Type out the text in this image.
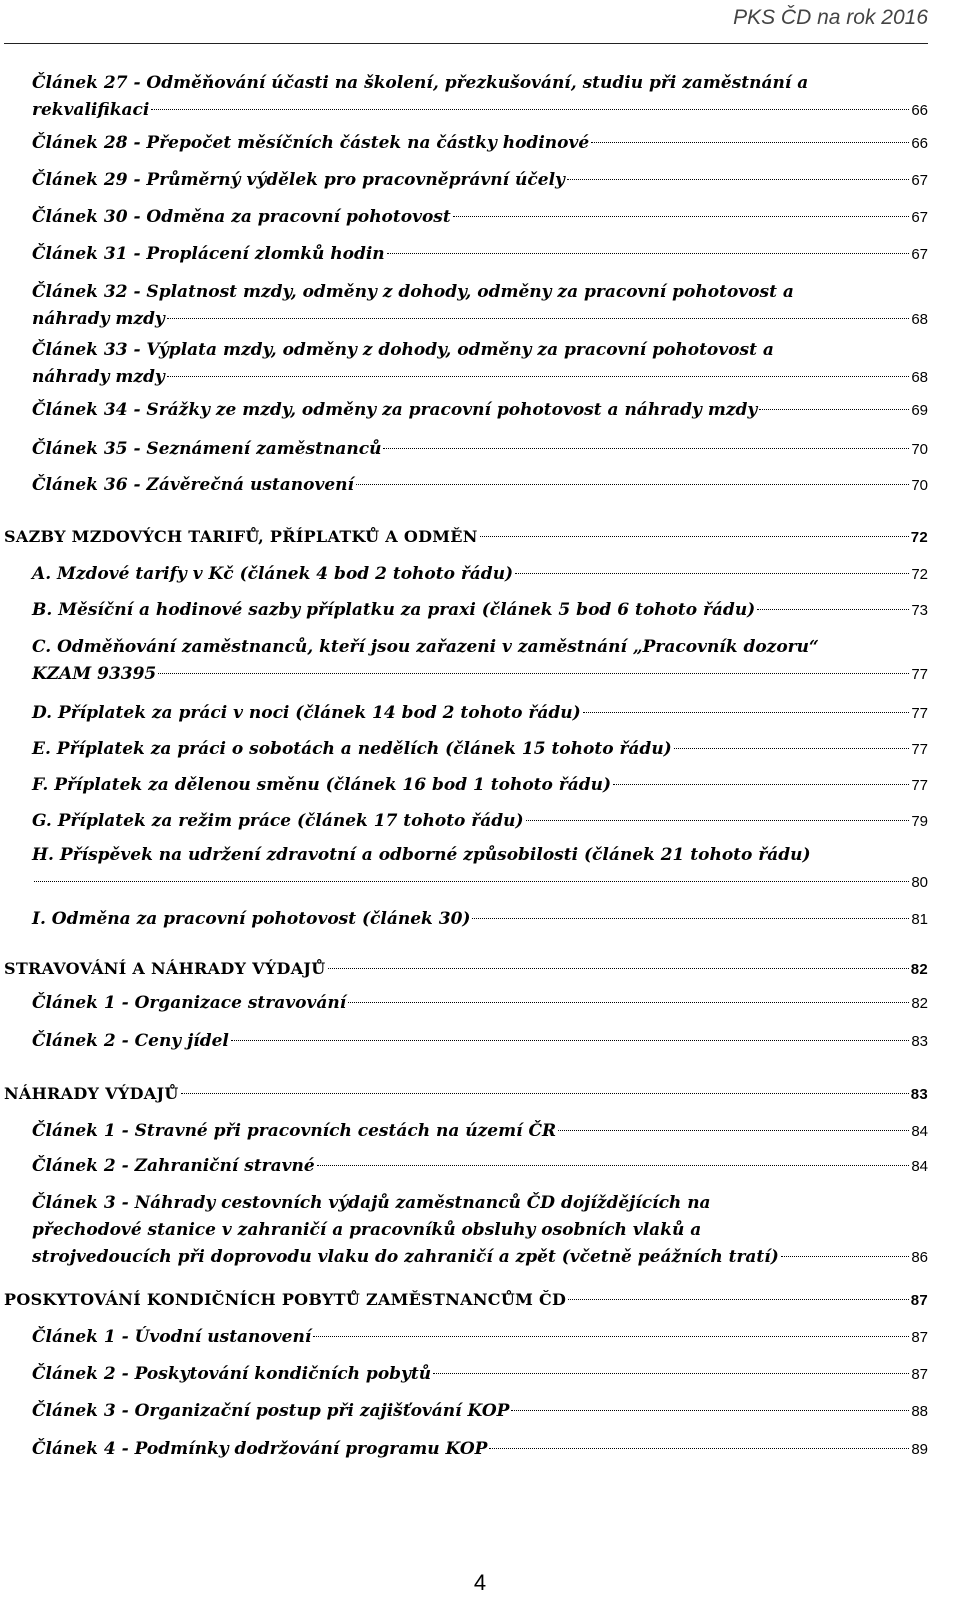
PKS ČD na rok 2016
Článek 27 - Odměňování účasti na školení, přezkušování, studiu při zaměstnání a
rekvalifikaci	66
Článek 28 - Přepočet měsíčních částek na částky hodinové	66
Článek 29 - Průměrný výdělek pro pracovněprávní účely	67
Článek 30 - Odměna za pracovní pohotovost	67
Článek 31 - Proplácení zlomků hodin	67
Článek 32 - Splatnost mzdy, odměny z dohody, odměny za pracovní pohotovost a
náhrady mzdy	68
Článek 33 - Výplata mzdy, odměny z dohody, odměny za pracovní pohotovost a
náhrady mzdy	68
Článek 34 - Srážky ze mzdy, odměny za pracovní pohotovost a náhrady mzdy	69
Článek 35 - Seznámení zaměstnanců	70
Článek 36 - Závěrečná ustanovení	70
SAZBY MZDOVÝCH TARIFŮ, PŘÍPLATKŮ A ODMĚN	72
A. Mzdové tarify v Kč (článek 4 bod 2 tohoto řádu)	72
B. Měsíční a hodinové sazby příplatku za praxi (článek 5 bod 6 tohoto řádu)	73
C. Odměňování zaměstnanců, kteří jsou zařazeni v zaměstnání „Pracovník dozoru“
KZAM 93395	77
D. Příplatek za práci v noci (článek 14 bod 2 tohoto řádu)	77
E. Příplatek za práci o sobotách a nedělích (článek 15 tohoto řádu)	77
F. Příplatek za dělenou směnu (článek 16 bod 1 tohoto řádu)	77
G. Příplatek za režim práce (článek 17 tohoto řádu)	79
H. Příspěvek na udržení zdravotní a odborné způsobilosti (článek 21 tohoto řádu)
80
I. Odměna za pracovní pohotovost (článek 30)	81
STRAVOVÁNÍ A NÁHRADY VÝDAJŮ	82
Článek 1 - Organizace stravování	82
Článek 2 - Ceny jídel	83
NÁHRADY VÝDAJŮ	83
Článek 1 - Stravné při pracovních cestách na území ČR	84
Článek 2 - Zahraniční stravné	84
Článek 3 - Náhrady cestovních výdajů zaměstnanců ČD dojíždějících na
přechodové stanice v zahraničí a pracovníků obsluhy osobních vlaků a
strojvedoucích při doprovodu vlaku do zahraničí a zpět (včetně peážních tratí)	86
POSKYTOVÁNÍ KONDIČNÍCH POBYTŮ ZAMĚSTNANCŮM ČD	87
Článek 1 - Úvodní ustanovení	87
Článek 2 - Poskytování kondičních pobytů	87
Článek 3 - Organizační postup při zajišťování KOP	88
Článek 4 - Podmínky dodržování programu KOP	89
4
